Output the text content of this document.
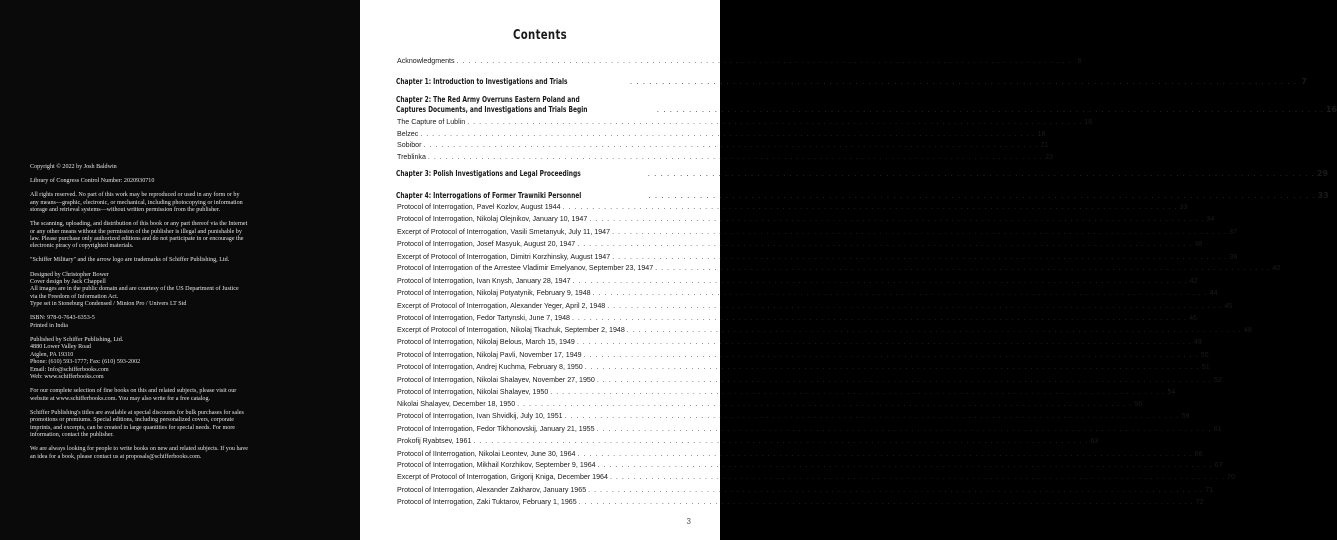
Copyright © 2022 by Josh Baldwin

Library of Congress Control Number: 2020930710

All rights reserved. No part of this work may be reproduced or used in any form or by
any means—graphic, electronic, or mechanical, including photocopying or information
storage and retrieval systems—without written permission from the publisher.

The scanning, uploading, and distribution of this book or any part thereof via the Internet
or any other means without the permission of the publisher is illegal and punishable by
law. Please purchase only authorized editions and do not participate in or encourage the
electronic piracy of copyrighted materials.

"Schiffer Military" and the arrow logo are trademarks of Schiffer Publishing, Ltd.

Designed by Christopher Bower
Cover design by Jack Chappell
All images are in the public domain and are courtesy of the US Department of Justice
via the Freedom of Information Act.
Type set in Stoneburg Condensed / Minion Pro / Univers LT Std

ISBN: 978-0-7643-6353-5
Printed in India

Published by Schiffer Publishing, Ltd.
4880 Lower Valley Road
Atglen, PA 19310
Phone: (610) 593-1777; Fax: (610) 593-2002
Email: Info@schifferbooks.com
Web: www.schifferbooks.com

For our complete selection of fine books on this and related subjects, please visit our
website at www.schifferbooks.com. You may also write for a free catalog.

Schiffer Publishing's titles are available at special discounts for bulk purchases for sales
promotions or premiums. Special editions, including personalized covers, corporate
imprints, and excerpts, can be created in large quantities for special needs. For more
information, contact the publisher.

We are always looking for people to write books on new and related subjects. If you have
an idea for a book, please contact us at proposals@schifferbooks.com.

Contents
Acknowledgments . . .	6
Chapter 1: Introduction to Investigations and Trials . . .	7
Chapter 2: The Red Army Overruns Eastern Poland and
Captures Documents, and Investigations and Trials Begin . . .	16
The Capture of Lublin . . .	16
Belzec . . .	18
Sobibor . . .	21
Treblinka . . .	23
Chapter 3: Polish Investigations and Legal Proceedings . . .	29
Chapter 4: Interrogations of Former Trawniki Personnel . . .	33
Protocol of Interrogation, Pavel Kozlov, August 1944 . . .	33
Protocol of Interrogation, Nikolaj Olejnikov, January 10, 1947 . . .	34
Excerpt of Protocol of Interrogation, Vasili Smetanyuk, July 11, 1947 . . .	37
Protocol of Interrogation, Josef Masyuk, August 20, 1947 . . .	38
Excerpt of Protocol of Interrogation, Dimitri Korzhinsky, August 1947 . . .	39
Protocol of Interrogation of the Arrestee Vladimir Emelyanov, September 23, 1947 . . .	40
Protocol of Interrogation, Ivan Knysh, January 28, 1947 . . .	42
Protocol of Interrogation, Nikolaj Potyatynik, February 9, 1948 . . .	44
Excerpt of Protocol of Interrogation, Alexander Yeger, April 2, 1948 . . .	45
Protocol of Interrogation, Fedor Tartynski, June 7, 1948 . . .	46
Excerpt of Protocol of Interrogation, Nikolaj Tkachuk, September 2, 1948 . . .	48
Protocol of Interrogation, Nikolaj Belous, March 15, 1949 . . .	49
Protocol of Interrogation, Nikolaj Pavli, November 17, 1949 . . .	50
Protocol of Interrogation, Andrej Kuchma, February 8, 1950 . . .	51
Protocol of Interrogation, Nikolai Shalayev, November 27, 1950 . . .	52
Protocol of Interrogation, Nikolai Shalayev, 1950 . . .	54
Nikolai Shalayev, December 18, 1950 . . .	56
Protocol of Interrogation, Ivan Shvidkij, July 10, 1951 . . .	59
Protocol of Interrogation, Fedor Tikhonovskij, January 21, 1955 . . .	61
Prokofij Ryabtsev, 1961 . . .	63
Protocol of IInterrogation, Nikolai Leontev, June 30, 1964 . . .	66
Protocol of Interrogation, Mikhail Korzhikov, September 9, 1964 . . .	67
Excerpt of Protocol of Interrogation, Grigorij Kniga, December 1964 . . .	70
Protocol of Interrogation, Alexander Zakharov, January 1965 . . .	71
Protocol of Interrogation, Zaki Tuktarov, February 1, 1965 . . .	72
3
